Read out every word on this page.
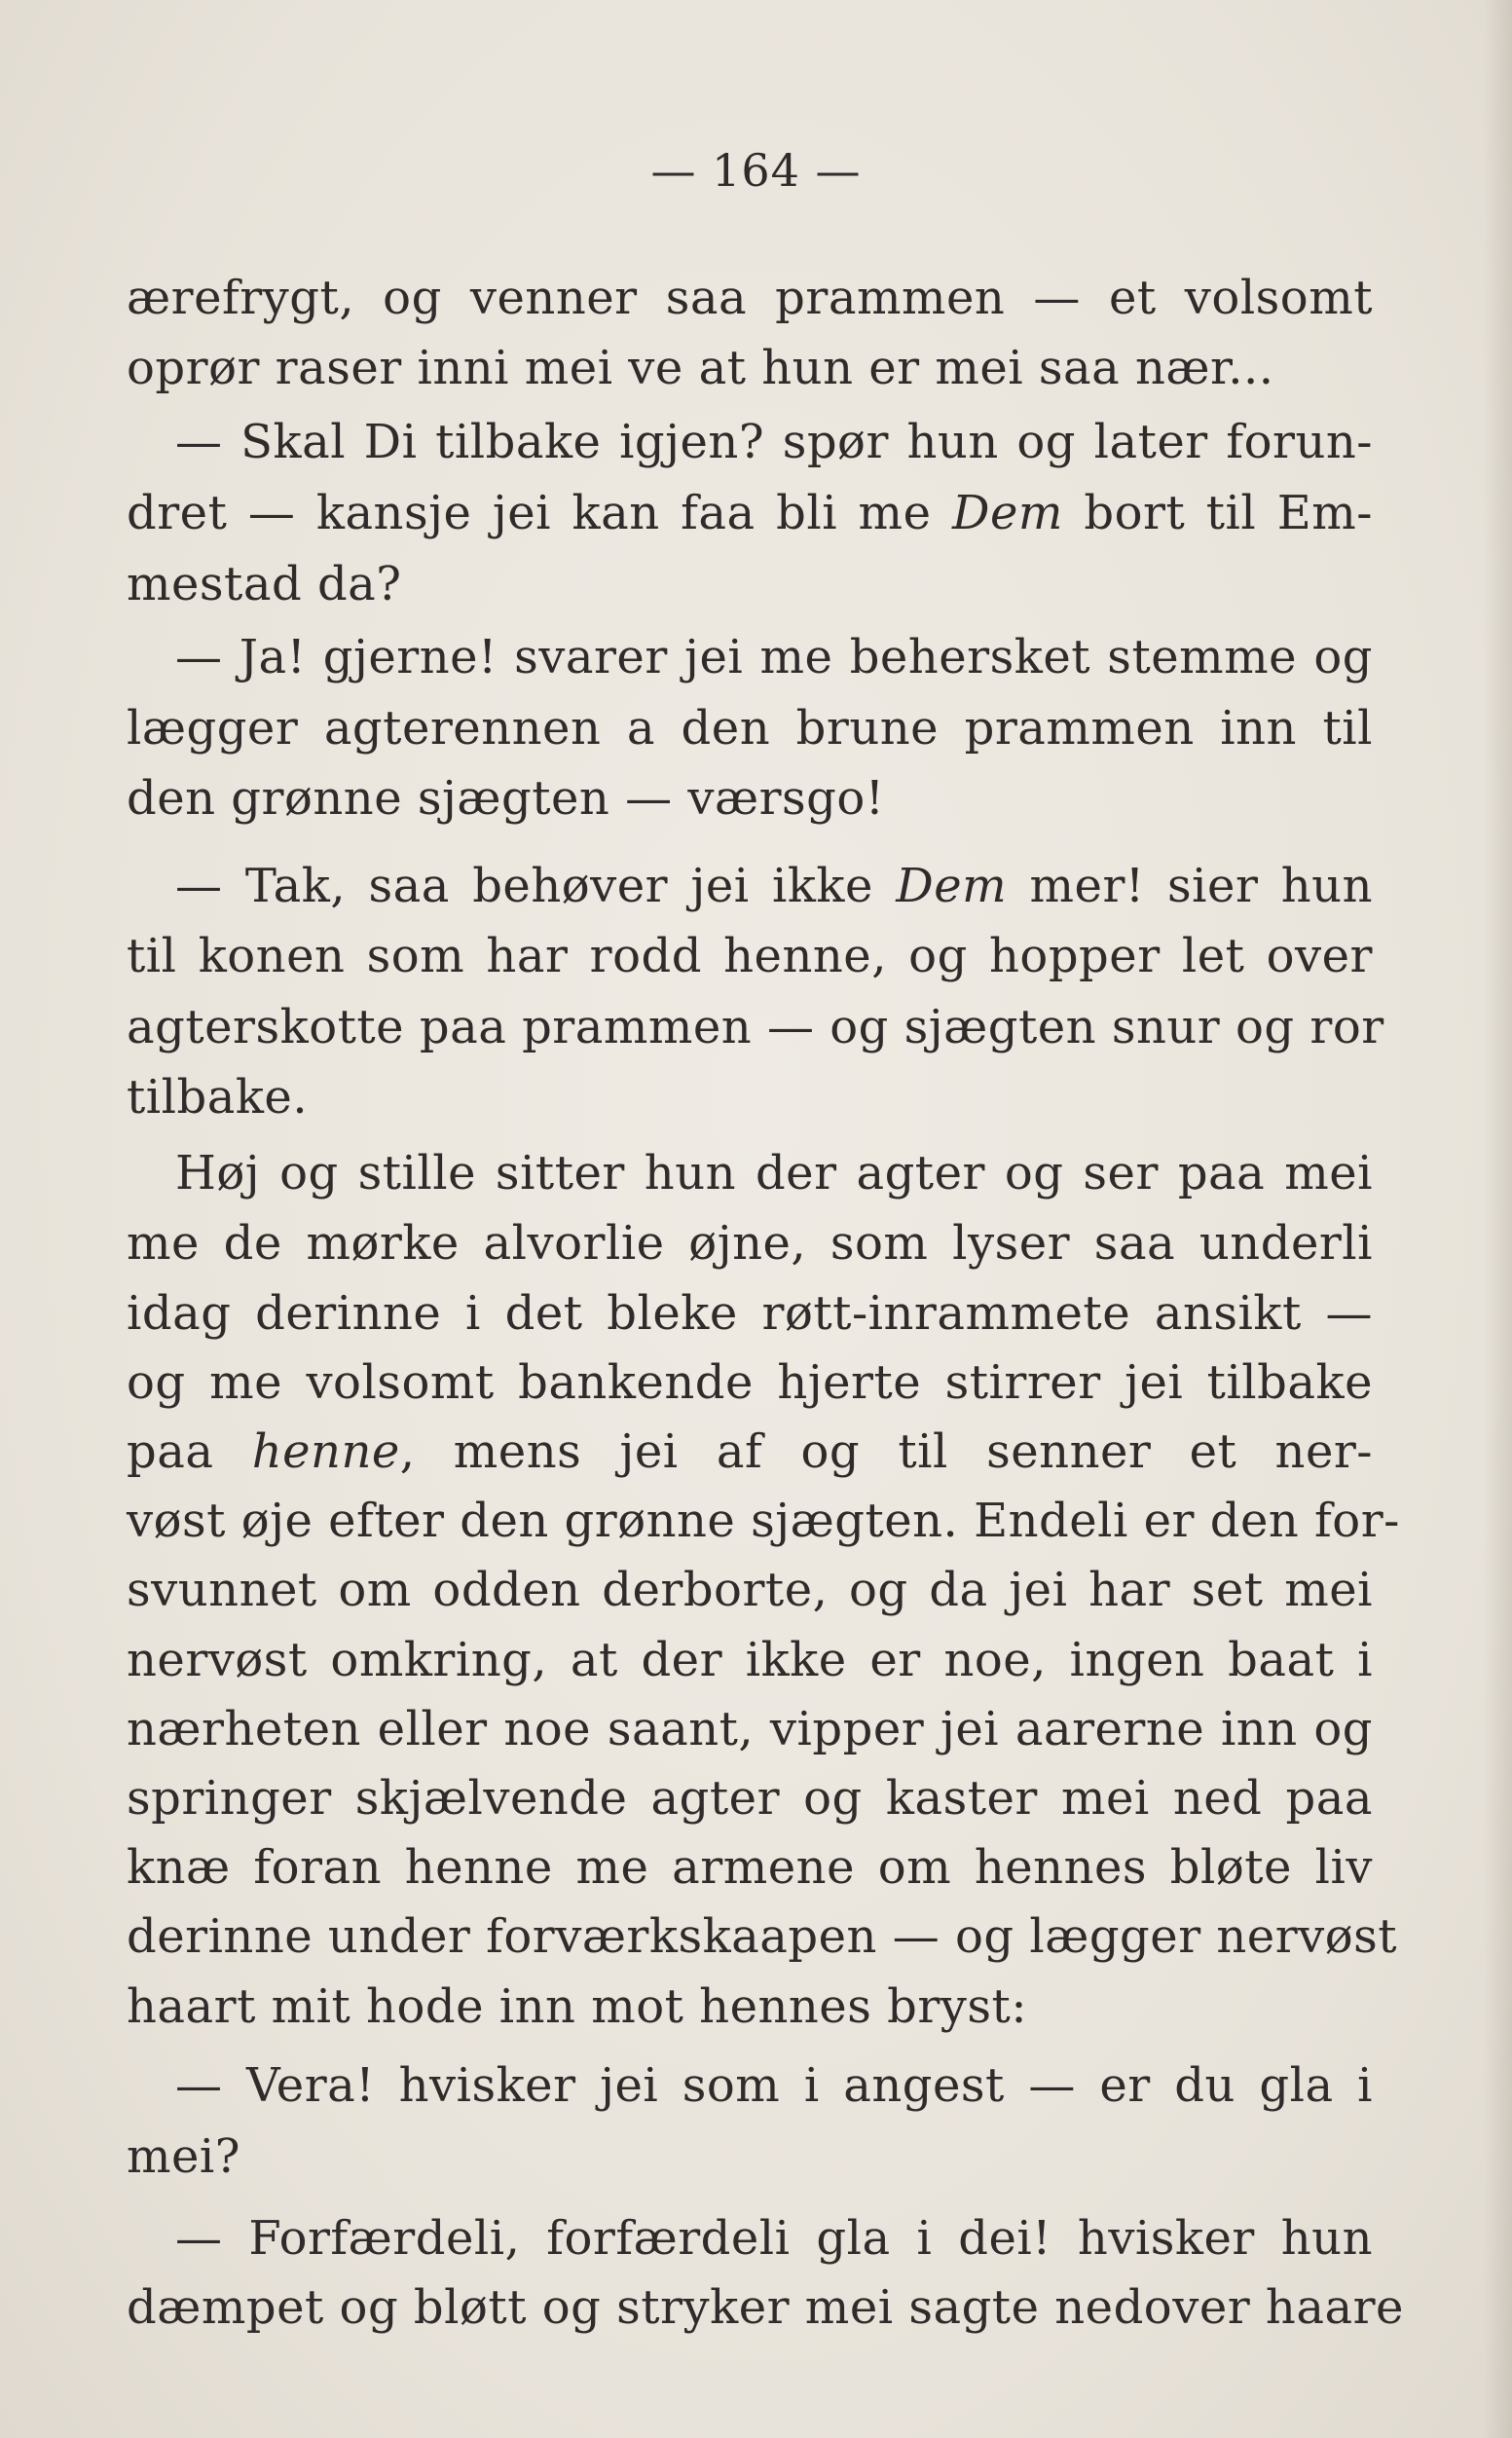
— 164 —
ærefrygt, og venner saa prammen — et volsomt
oprør raser inni mei ve at hun er mei saa nær...
— Skal Di tilbake igjen? spør hun og later forun-
dret — kansje jei kan faa bli me Dem bort til Em-
mestad da?
— Ja! gjerne! svarer jei me behersket stemme og
lægger agterennen a den brune prammen inn til
den grønne sjægten — værsgo!
— Tak, saa behøver jei ikke Dem mer! sier hun
til konen som har rodd henne, og hopper let over
agterskotte paa prammen — og sjægten snur og ror
tilbake.
Høj og stille sitter hun der agter og ser paa mei
me de mørke alvorlie øjne, som lyser saa underli
idag derinne i det bleke røtt-inrammete ansikt —
og me volsomt bankende hjerte stirrer jei tilbake
paa henne, mens jei af og til senner et ner-
vøst øje efter den grønne sjægten. Endeli er den for-
svunnet om odden derborte, og da jei har set mei
nervøst omkring, at der ikke er noe, ingen baat i
nærheten eller noe saant, vipper jei aarerne inn og
springer skjælvende agter og kaster mei ned paa
knæ foran henne me armene om hennes bløte liv
derinne under forværkskaapen — og lægger nervøst
haart mit hode inn mot hennes bryst:
— Vera! hvisker jei som i angest — er du gla i
mei?
— Forfærdeli, forfærdeli gla i dei! hvisker hun
dæmpet og bløtt og stryker mei sagte nedover haare
